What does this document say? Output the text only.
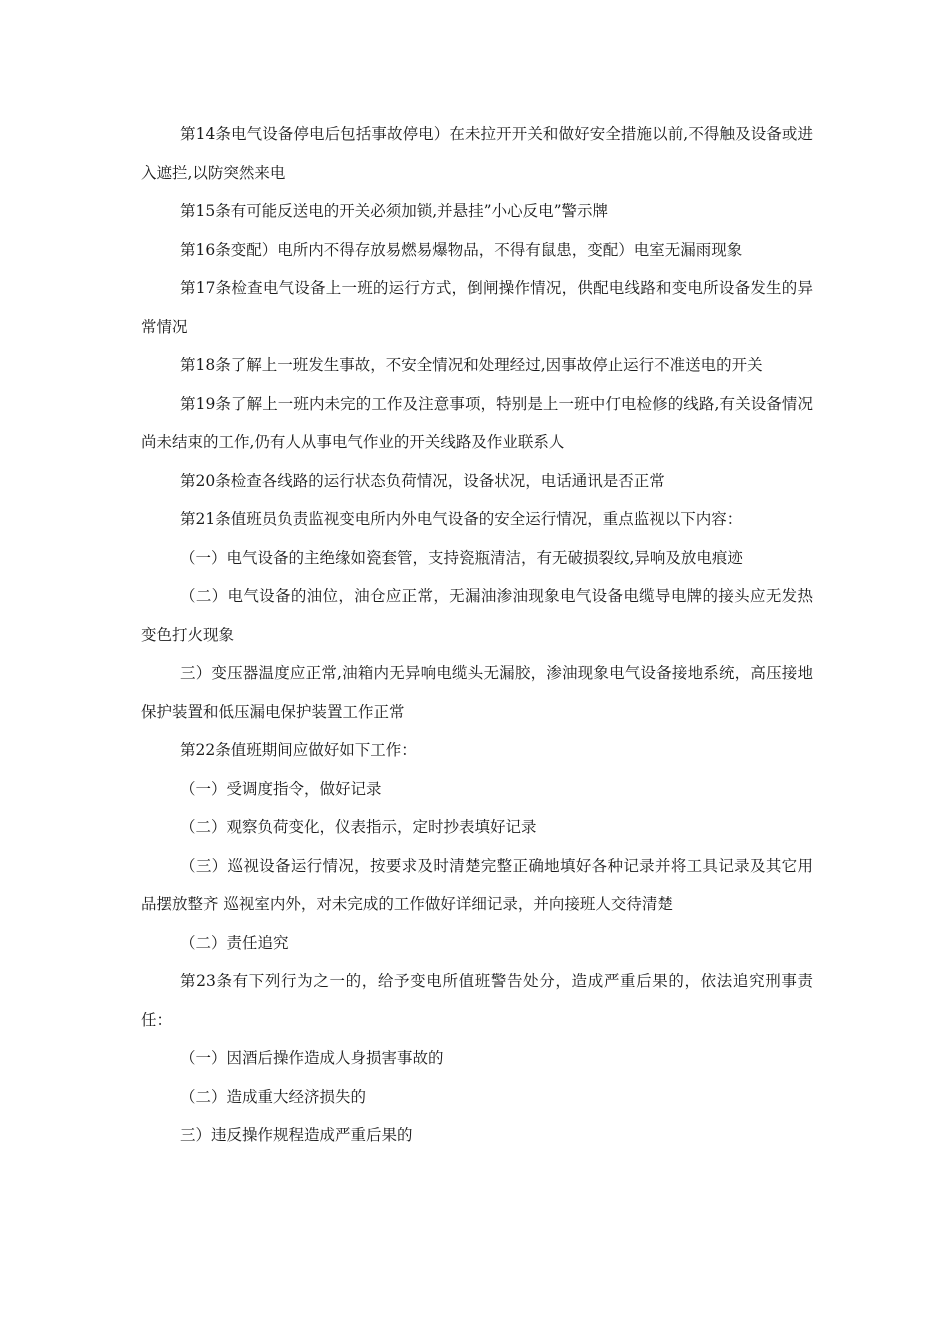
第14条电气设备停电后包括事故停电）在未拉开开关和做好安全措施以前,不得触及设备或进入遮拦,以防突然来电

第15条有可能反送电的开关必须加锁,并悬挂”小心反电”警示牌

第16条变配）电所内不得存放易燃易爆物品，不得有鼠患，变配）电室无漏雨现象

第17条检查电气设备上一班的运行方式，倒闸操作情况，供配电线路和变电所设备发生的异常情况

第18条了解上一班发生事故，不安全情况和处理经过,因事故停止运行不准送电的开关

第19条了解上一班内未完的工作及注意事项，特别是上一班中仃电检修的线路,有关设备情况尚未结束的工作,仍有人从事电气作业的开关线路及作业联系人

第20条检查各线路的运行状态负荷情况，设备状况，电话通讯是否正常

第21条值班员负责监视变电所内外电气设备的安全运行情况，重点监视以下内容：

（一）电气设备的主绝缘如瓷套管，支持瓷瓶清洁，有无破损裂纹,异响及放电痕迹

（二）电气设备的油位，油仓应正常，无漏油渗油现象电气设备电缆导电牌的接头应无发热变色打火现象

三）变压器温度应正常,油箱内无异响电缆头无漏胶，渗油现象电气设备接地系统，高压接地保护装置和低压漏电保护装置工作正常

第22条值班期间应做好如下工作：

（一）受调度指令，做好记录

（二）观察负荷变化，仪表指示，定时抄表填好记录

（三）巡视设备运行情况，按要求及时清楚完整正确地填好各种记录并将工具记录及其它用品摆放整齐 巡视室内外，对未完成的工作做好详细记录，并向接班人交待清楚

（二）责任追究

第23条有下列行为之一的，给予变电所值班警告处分，造成严重后果的，依法追究刑事责任：

（一）因酒后操作造成人身损害事故的

（二）造成重大经济损失的

三）违反操作规程造成严重后果的
